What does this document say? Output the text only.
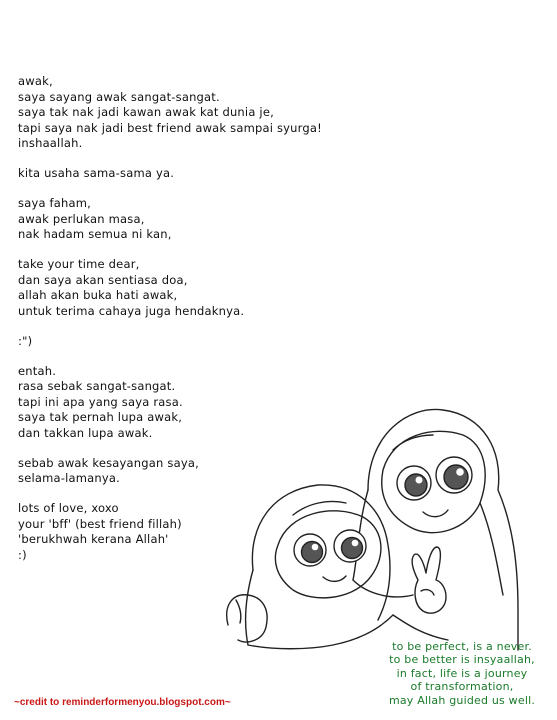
awak,
saya sayang awak sangat-sangat.
saya tak nak jadi kawan awak kat dunia je,
tapi saya nak jadi best friend awak sampai syurga!
inshaallah.
kita usaha sama-sama ya.
saya faham,
awak perlukan masa,
nak hadam semua ni kan,
take your time dear,
dan saya akan sentiasa doa,
allah akan buka hati awak,
untuk terima cahaya juga hendaknya.
:")
entah.
rasa sebak sangat-sangat.
tapi ini apa yang saya rasa.
saya tak pernah lupa awak,
dan takkan lupa awak.
sebab awak kesayangan saya,
selama-lamanya.
lots of love, xoxo
your 'bff' (best friend fillah)
'berukhwah kerana Allah'
:)
to be perfect, is a never.
to be better is insyaallah,
in fact, life is a journey
of transformation,
may Allah guided us well.
~credit to reminderformenyou.blogspot.com~
